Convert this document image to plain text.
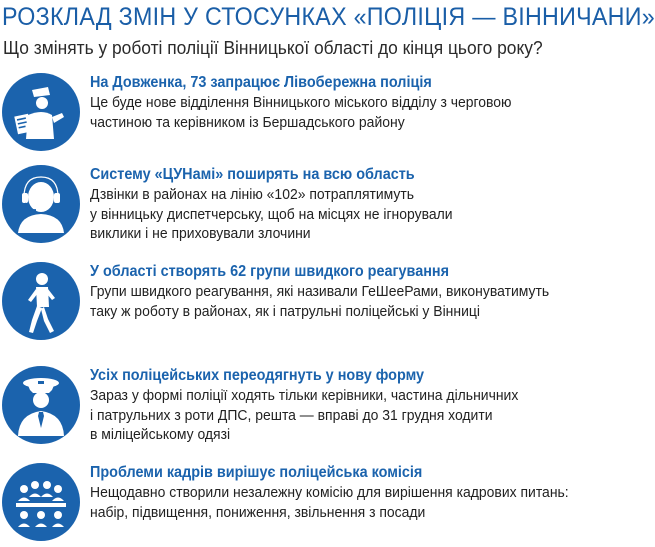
РОЗКЛАД ЗМІН У СТОСУНКАХ «ПОЛІЦІЯ — ВІННИЧАНИ»
Що змінять у роботі поліції Вінницької області до кінця цього року?
На Довженка, 73 запрацює Лівобережна поліція
Це буде нове відділення Вінницького міського відділу з черговою
частиною та керівником із Бершадського району
Систему «ЦУНамі» поширять на всю область
Дзвінки в районах на лінію «102» потраплятимуть
у вінницьку диспетчерську, щоб на місцях не ігнорували
виклики і не приховували злочини
У області створять 62 групи швидкого реагування
Групи швидкого реагування, які називали ГеШееРами, виконуватимуть
таку ж роботу в районах, як і патрульні поліцейські у Вінниці
Усіх поліцейських переодягнуть у нову форму
Зараз у формі поліції ходять тільки керівники, частина дільничних
і патрульних з роти ДПС, решта — вправі до 31 грудня ходити
в міліцейському одязі
Проблеми кадрів вирішує поліцейська комісія
Нещодавно створили незалежну комісію для вирішення кадрових питань:
набір, підвищення, пониження, звільнення з посади
